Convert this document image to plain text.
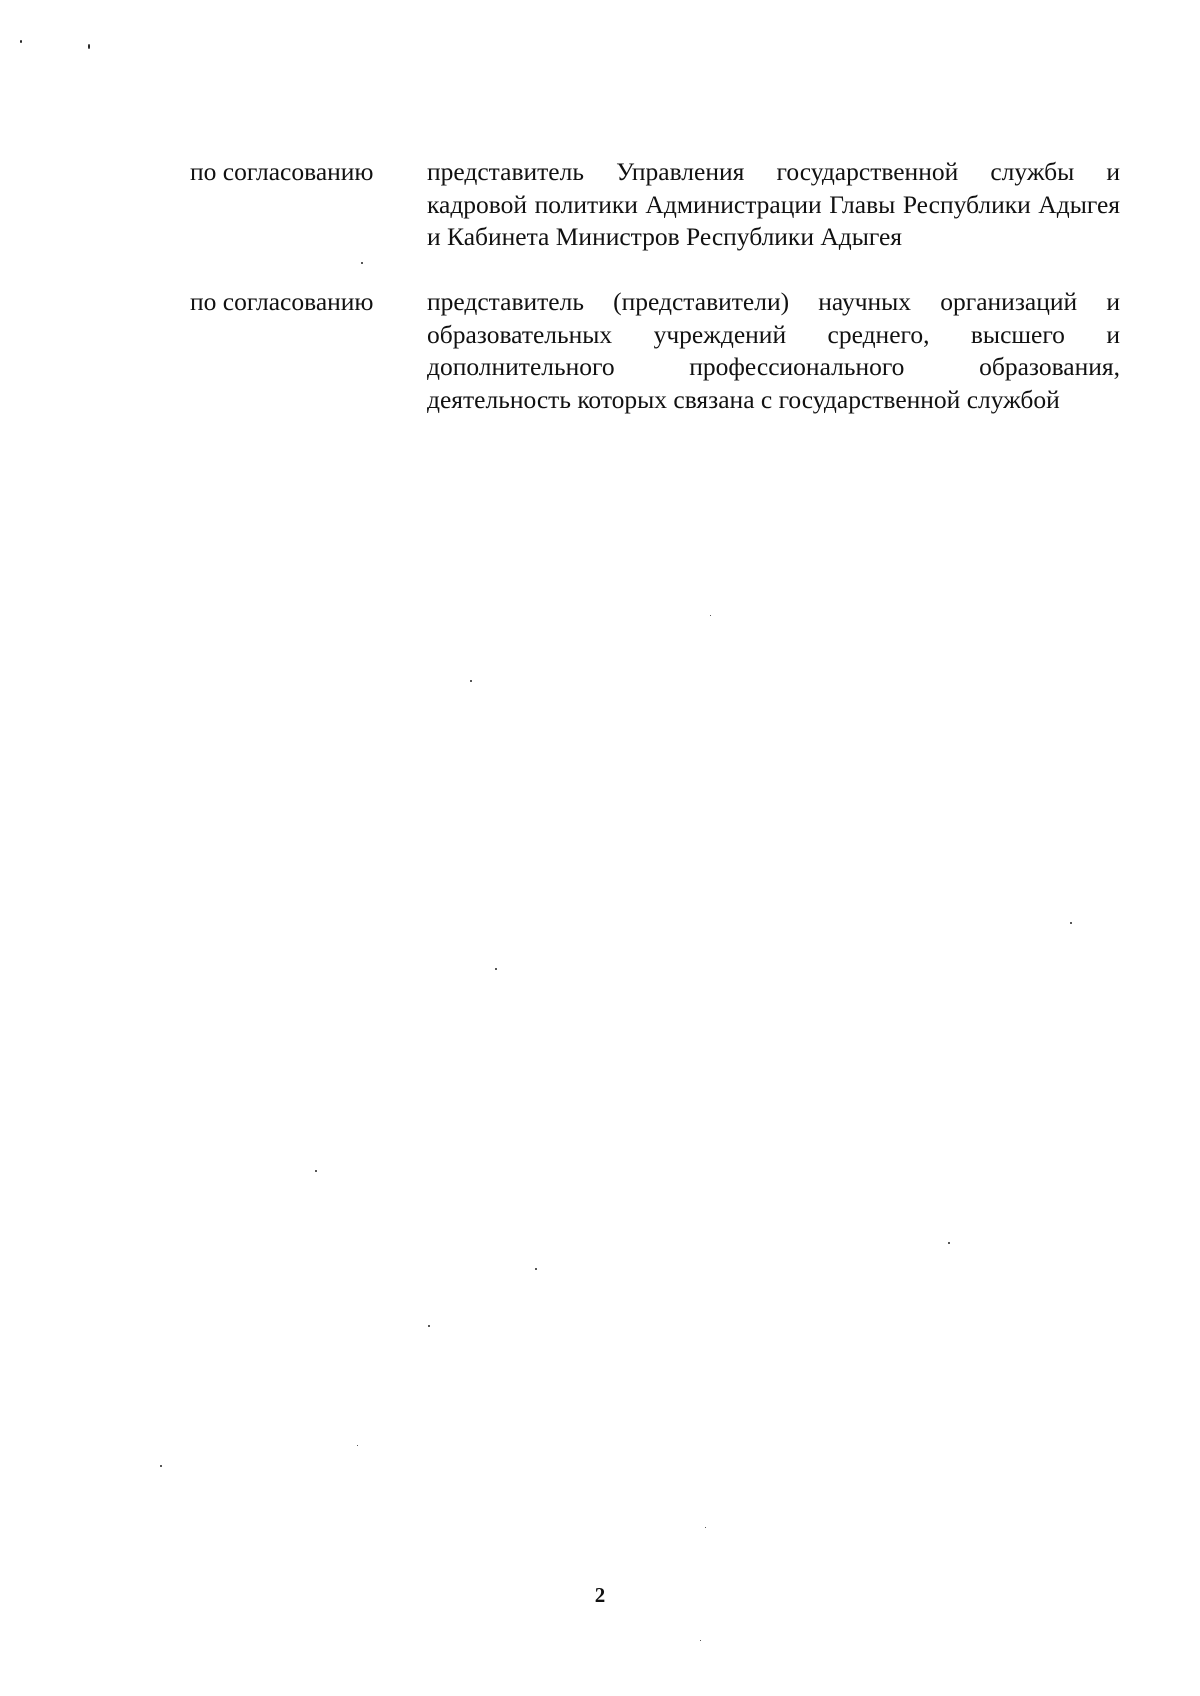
по согласованию представитель Управления государственной службы и кадровой политики Администрации Главы Республики Адыгея и Кабинета Министров Республики Адыгея
по согласованию представитель (представители) научных организаций и образовательных учреждений среднего, высшего и дополнительного профессионального образования, деятельность которых связана с государственной службой
2
